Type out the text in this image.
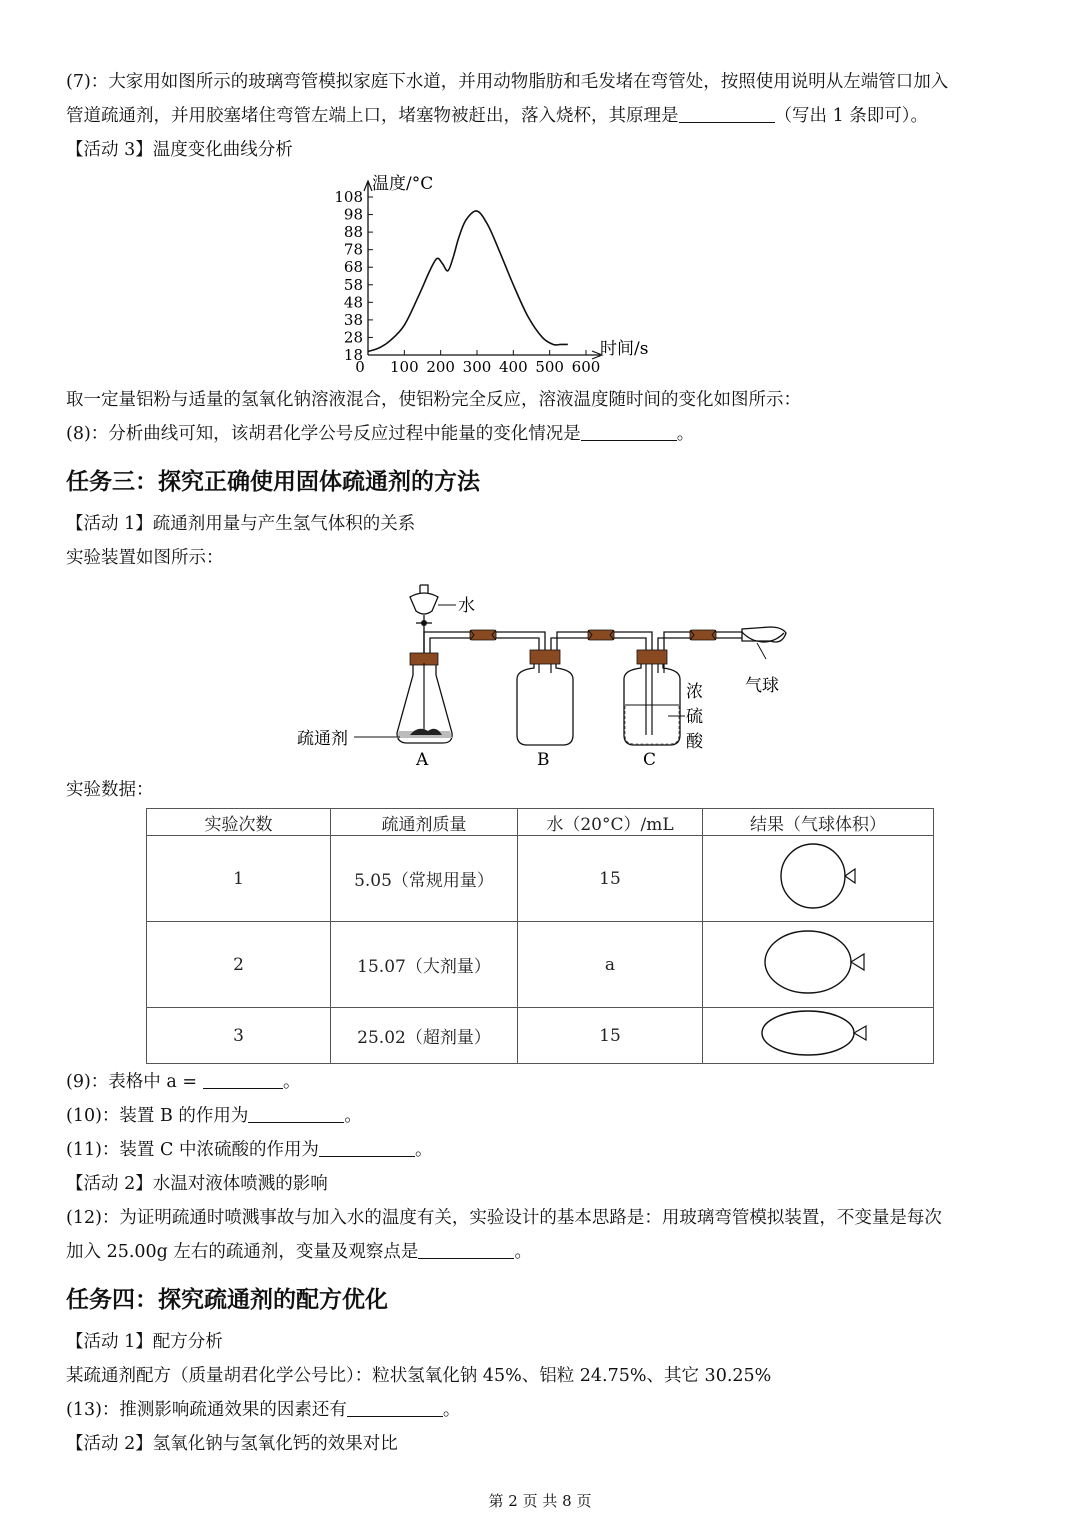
(7)：大家用如图所示的玻璃弯管模拟家庭下水道，并用动物脂肪和毛发堵在弯管处，按照使用说明从左端管口加入
管道疏通剂，并用胶塞堵住弯管左端上口，堵塞物被赶出，落入烧杯，其原理是	（写出 1 条即可）。
【活动 3】温度变化曲线分析
18
28
38
48
58
68
78
88
98
108
0 100 200 300 400 500 600
温度/°C
时间/s
取一定量铝粉与适量的氢氧化钠溶液混合，使铝粉完全反应，溶液温度随时间的变化如图所示：
(8)：分析曲线可知，该胡君化学公号反应过程中能量的变化情况是	。
任务三：探究正确使用固体疏通剂的方法
【活动 1】疏通剂用量与产生氢气体积的关系
实验装置如图所示：
气球
水
疏通剂
A	B
浓
硫
酸
C
实验数据：
实验次数	疏通剂质量	水（20°C）/mL	结果（气球体积）
1	5.05（常规用量）	15	
2	15.07（大剂量）	a	
3	25.02（超剂量）	15	
(9)：表格中 a =	。
(10)：装置 B 的作用为	。
(11)：装置 C 中浓硫酸的作用为	。
【活动 2】水温对液体喷溅的影响
(12)：为证明疏通时喷溅事故与加入水的温度有关，实验设计的基本思路是：用玻璃弯管模拟装置，不变量是每次
加入 25.00g 左右的疏通剂，变量及观察点是	。
任务四：探究疏通剂的配方优化
【活动 1】配方分析
某疏通剂配方（质量胡君化学公号比）：粒状氢氧化钠 45%、铝粒 24.75%、其它 30.25%
(13)：推测影响疏通效果的因素还有	。
【活动 2】氢氧化钠与氢氧化钙的效果对比
第 2 页 共 8 页
